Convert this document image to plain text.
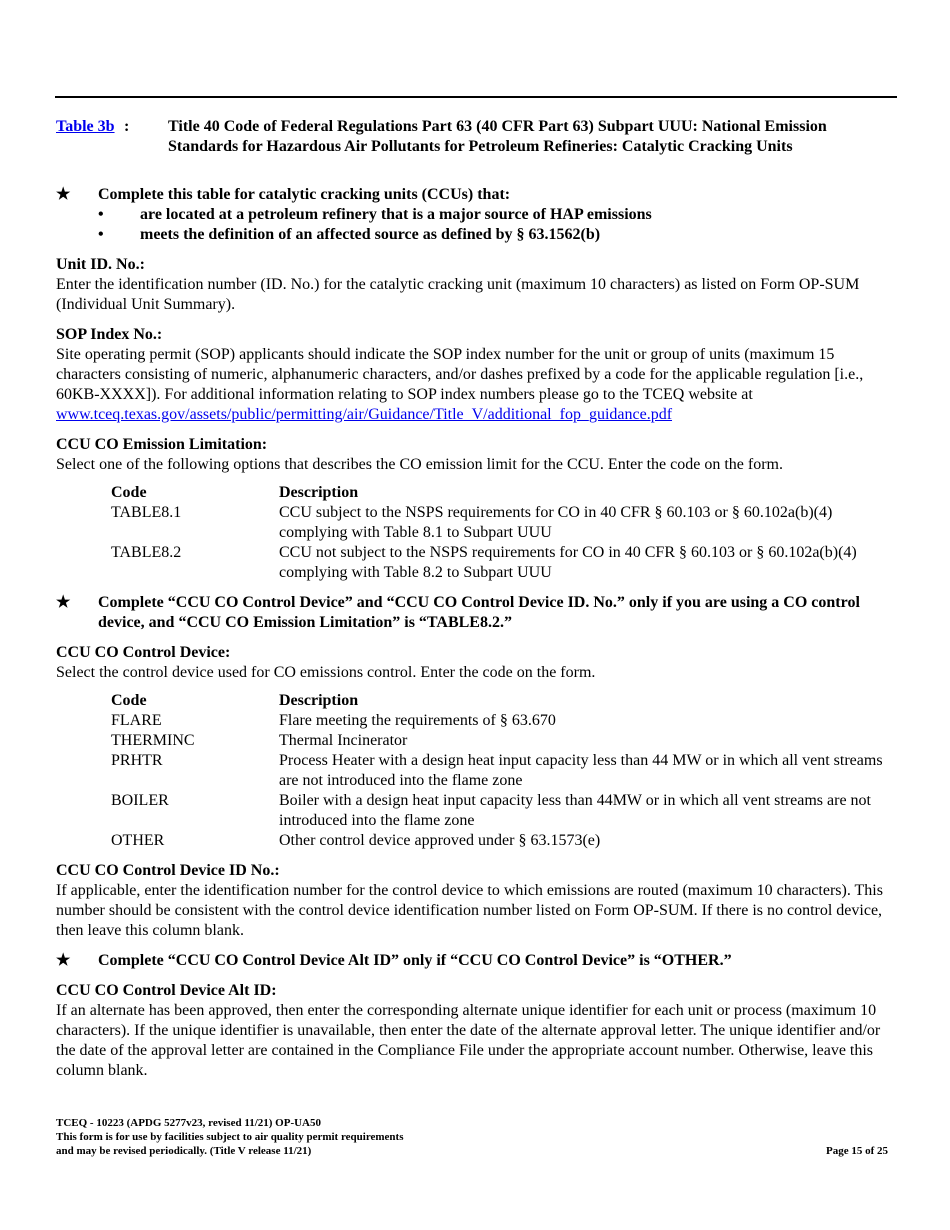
Table 3b : Title 40 Code of Federal Regulations Part 63 (40 CFR Part 63) Subpart UUU: National Emission Standards for Hazardous Air Pollutants for Petroleum Refineries: Catalytic Cracking Units
★	Complete this table for catalytic cracking units (CCUs) that:
•	are located at a petroleum refinery that is a major source of HAP emissions
•	meets the definition of an affected source as defined by § 63.1562(b)
Unit ID. No.:
Enter the identification number (ID. No.) for the catalytic cracking unit (maximum 10 characters) as listed on Form OP-SUM (Individual Unit Summary).
SOP Index No.:
Site operating permit (SOP) applicants should indicate the SOP index number for the unit or group of units (maximum 15 characters consisting of numeric, alphanumeric characters, and/or dashes prefixed by a code for the applicable regulation [i.e., 60KB-XXXX]). For additional information relating to SOP index numbers please go to the TCEQ website at www.tceq.texas.gov/assets/public/permitting/air/Guidance/Title_V/additional_fop_guidance.pdf
CCU CO Emission Limitation:
Select one of the following options that describes the CO emission limit for the CCU. Enter the code on the form.
Code	Description
TABLE8.1	CCU subject to the NSPS requirements for CO in 40 CFR § 60.103 or § 60.102a(b)(4) complying with Table 8.1 to Subpart UUU
TABLE8.2	CCU not subject to the NSPS requirements for CO in 40 CFR § 60.103 or § 60.102a(b)(4) complying with Table 8.2 to Subpart UUU
★	Complete “CCU CO Control Device” and “CCU CO Control Device ID. No.” only if you are using a CO control device, and “CCU CO Emission Limitation” is “TABLE8.2.”
CCU CO Control Device:
Select the control device used for CO emissions control. Enter the code on the form.
Code	Description
FLARE	Flare meeting the requirements of § 63.670
THERMINC	Thermal Incinerator
PRHTR	Process Heater with a design heat input capacity less than 44 MW or in which all vent streams are not introduced into the flame zone
BOILER	Boiler with a design heat input capacity less than 44MW or in which all vent streams are not introduced into the flame zone
OTHER	Other control device approved under § 63.1573(e)
CCU CO Control Device ID No.:
If applicable, enter the identification number for the control device to which emissions are routed (maximum 10 characters). This number should be consistent with the control device identification number listed on Form OP-SUM. If there is no control device, then leave this column blank.
★	Complete “CCU CO Control Device Alt ID” only if “CCU CO Control Device” is “OTHER.”
CCU CO Control Device Alt ID:
If an alternate has been approved, then enter the corresponding alternate unique identifier for each unit or process (maximum 10 characters). If the unique identifier is unavailable, then enter the date of the alternate approval letter. The unique identifier and/or the date of the approval letter are contained in the Compliance File under the appropriate account number. Otherwise, leave this column blank.
TCEQ - 10223 (APDG 5277v23, revised 11/21) OP-UA50
This form is for use by facilities subject to air quality permit requirements
and may be revised periodically. (Title V release 11/21)	Page 15 of 25
